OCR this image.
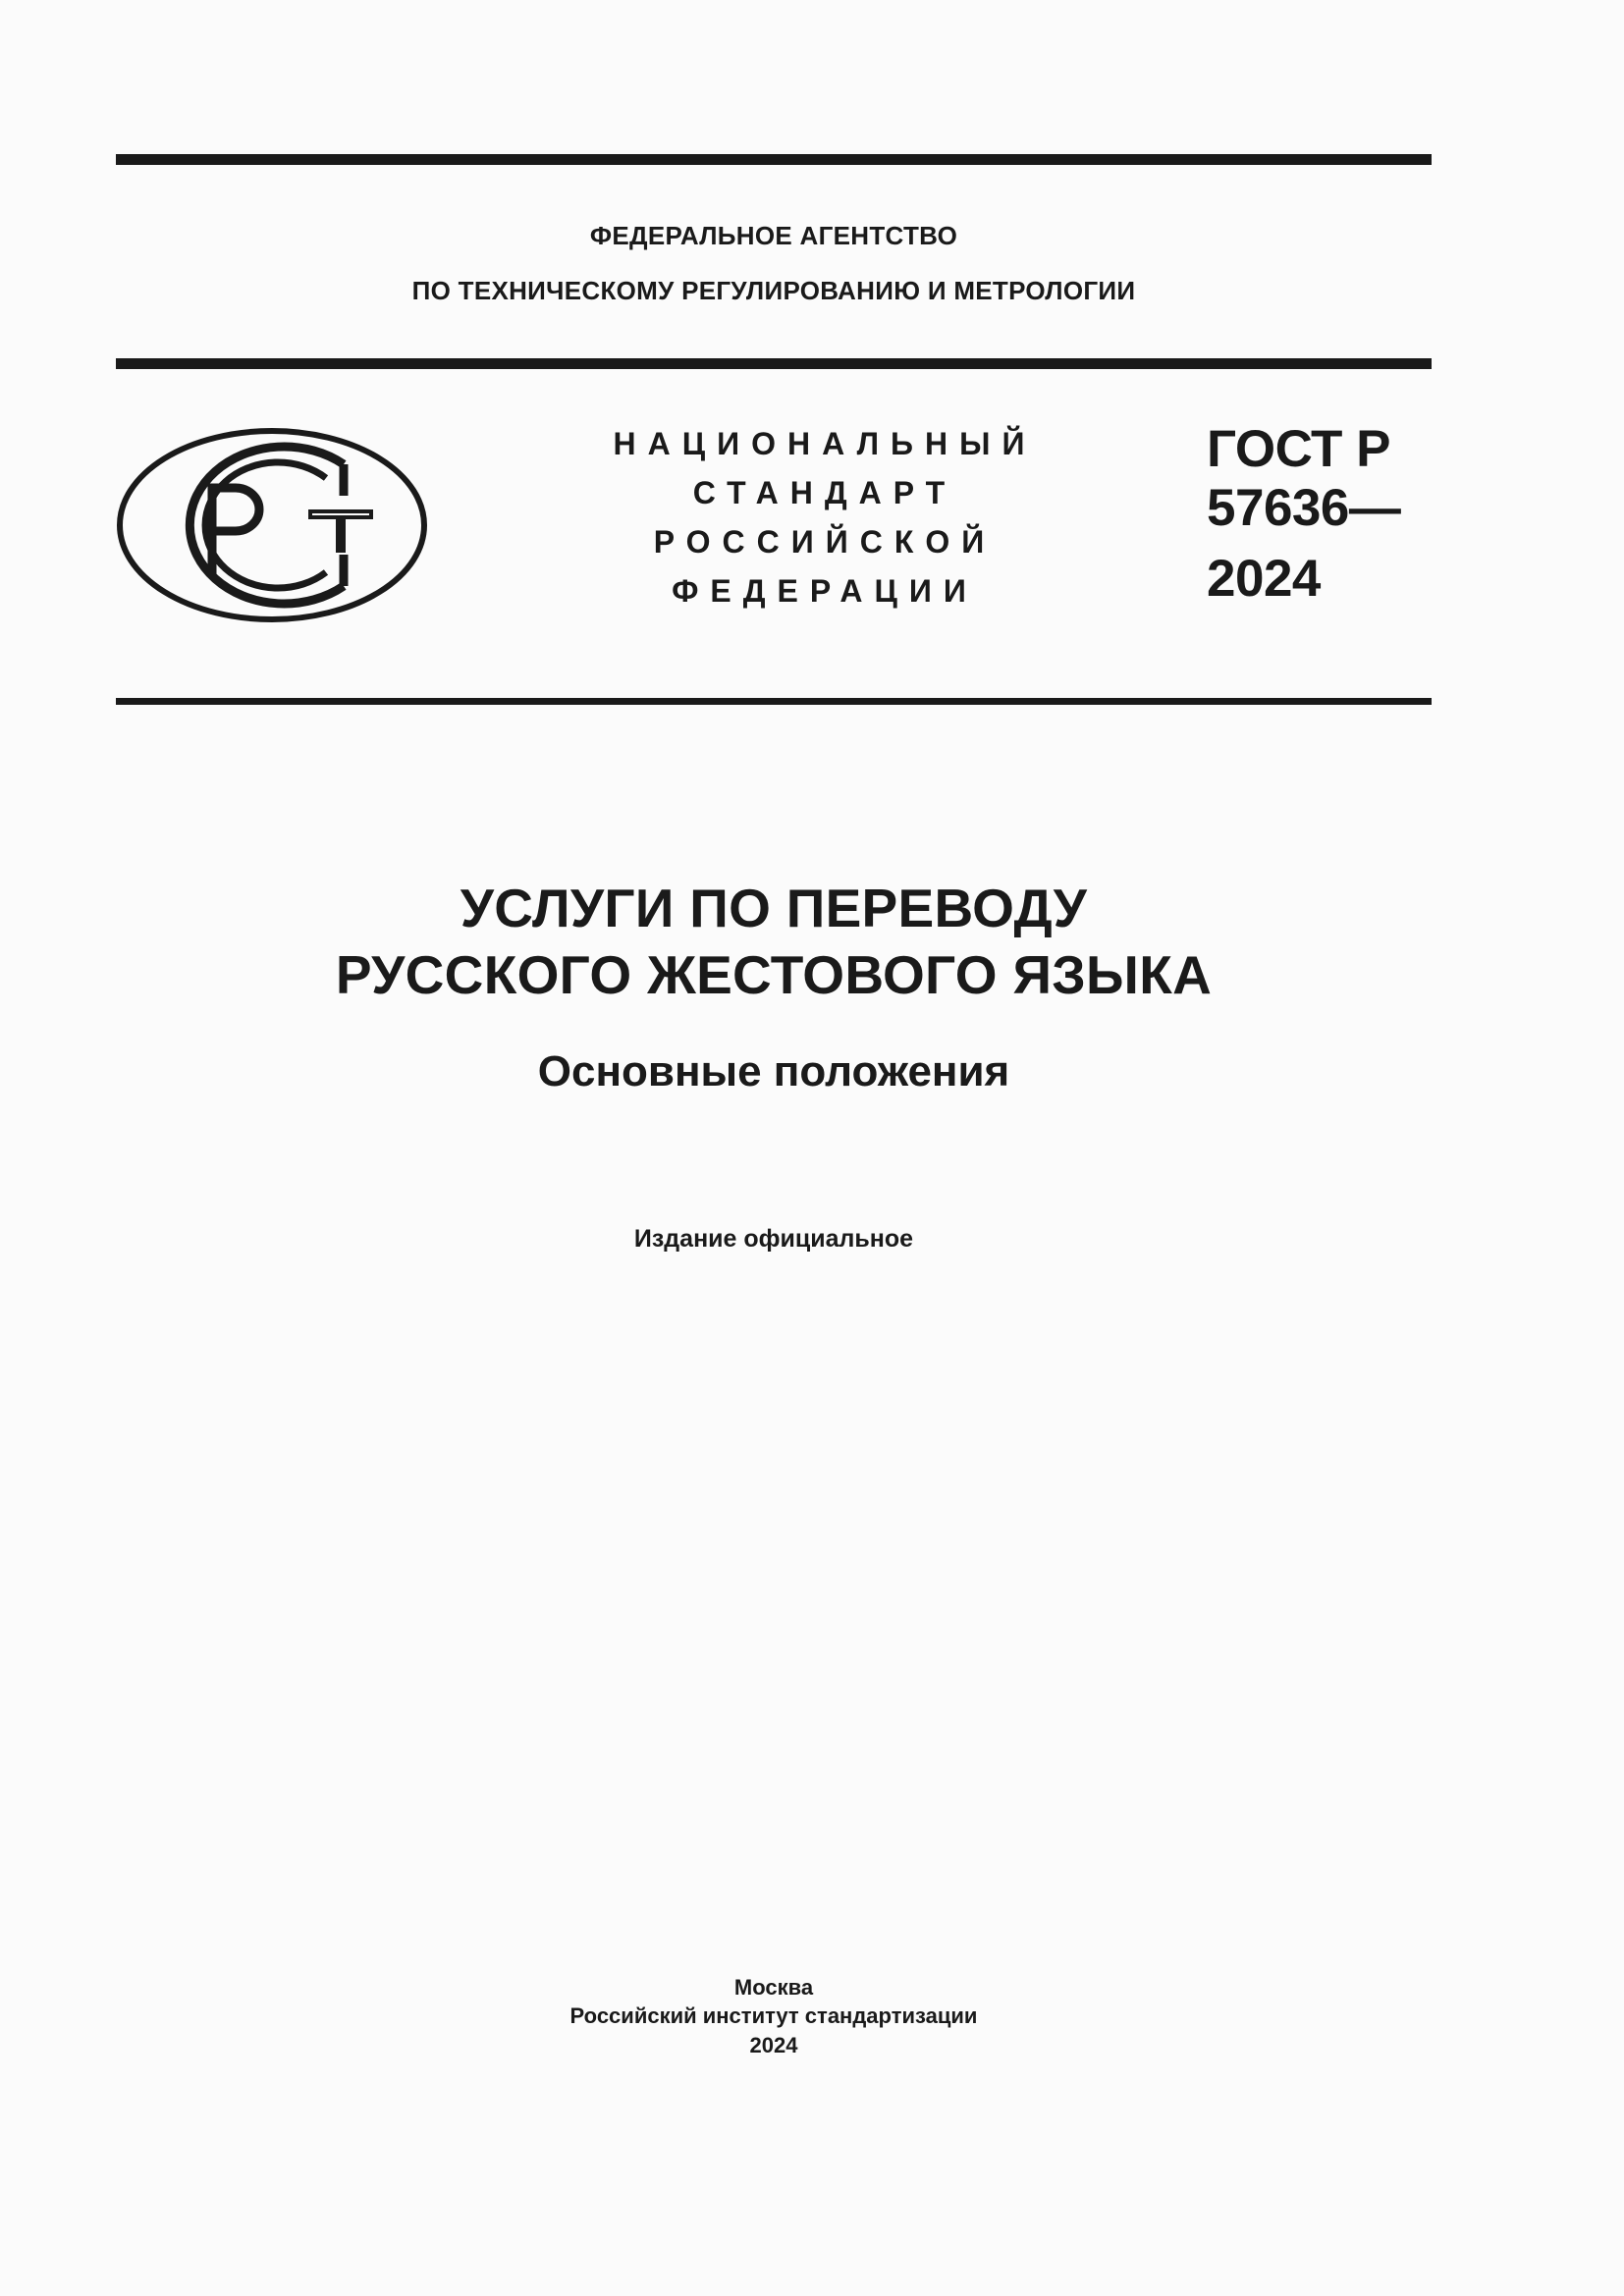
ФЕДЕРАЛЬНОЕ АГЕНТСТВО
ПО ТЕХНИЧЕСКОМУ РЕГУЛИРОВАНИЮ И МЕТРОЛОГИИ
НАЦИОНАЛЬНЫЙ
СТАНДАРТ
РОССИЙСКОЙ
ФЕДЕРАЦИИ
ГОСТ Р
57636—
2024
УСЛУГИ ПО ПЕРЕВОДУ
РУССКОГО ЖЕСТОВОГО ЯЗЫКА
Основные положения
Издание официальное
Москва
Российский институт стандартизации
2024
